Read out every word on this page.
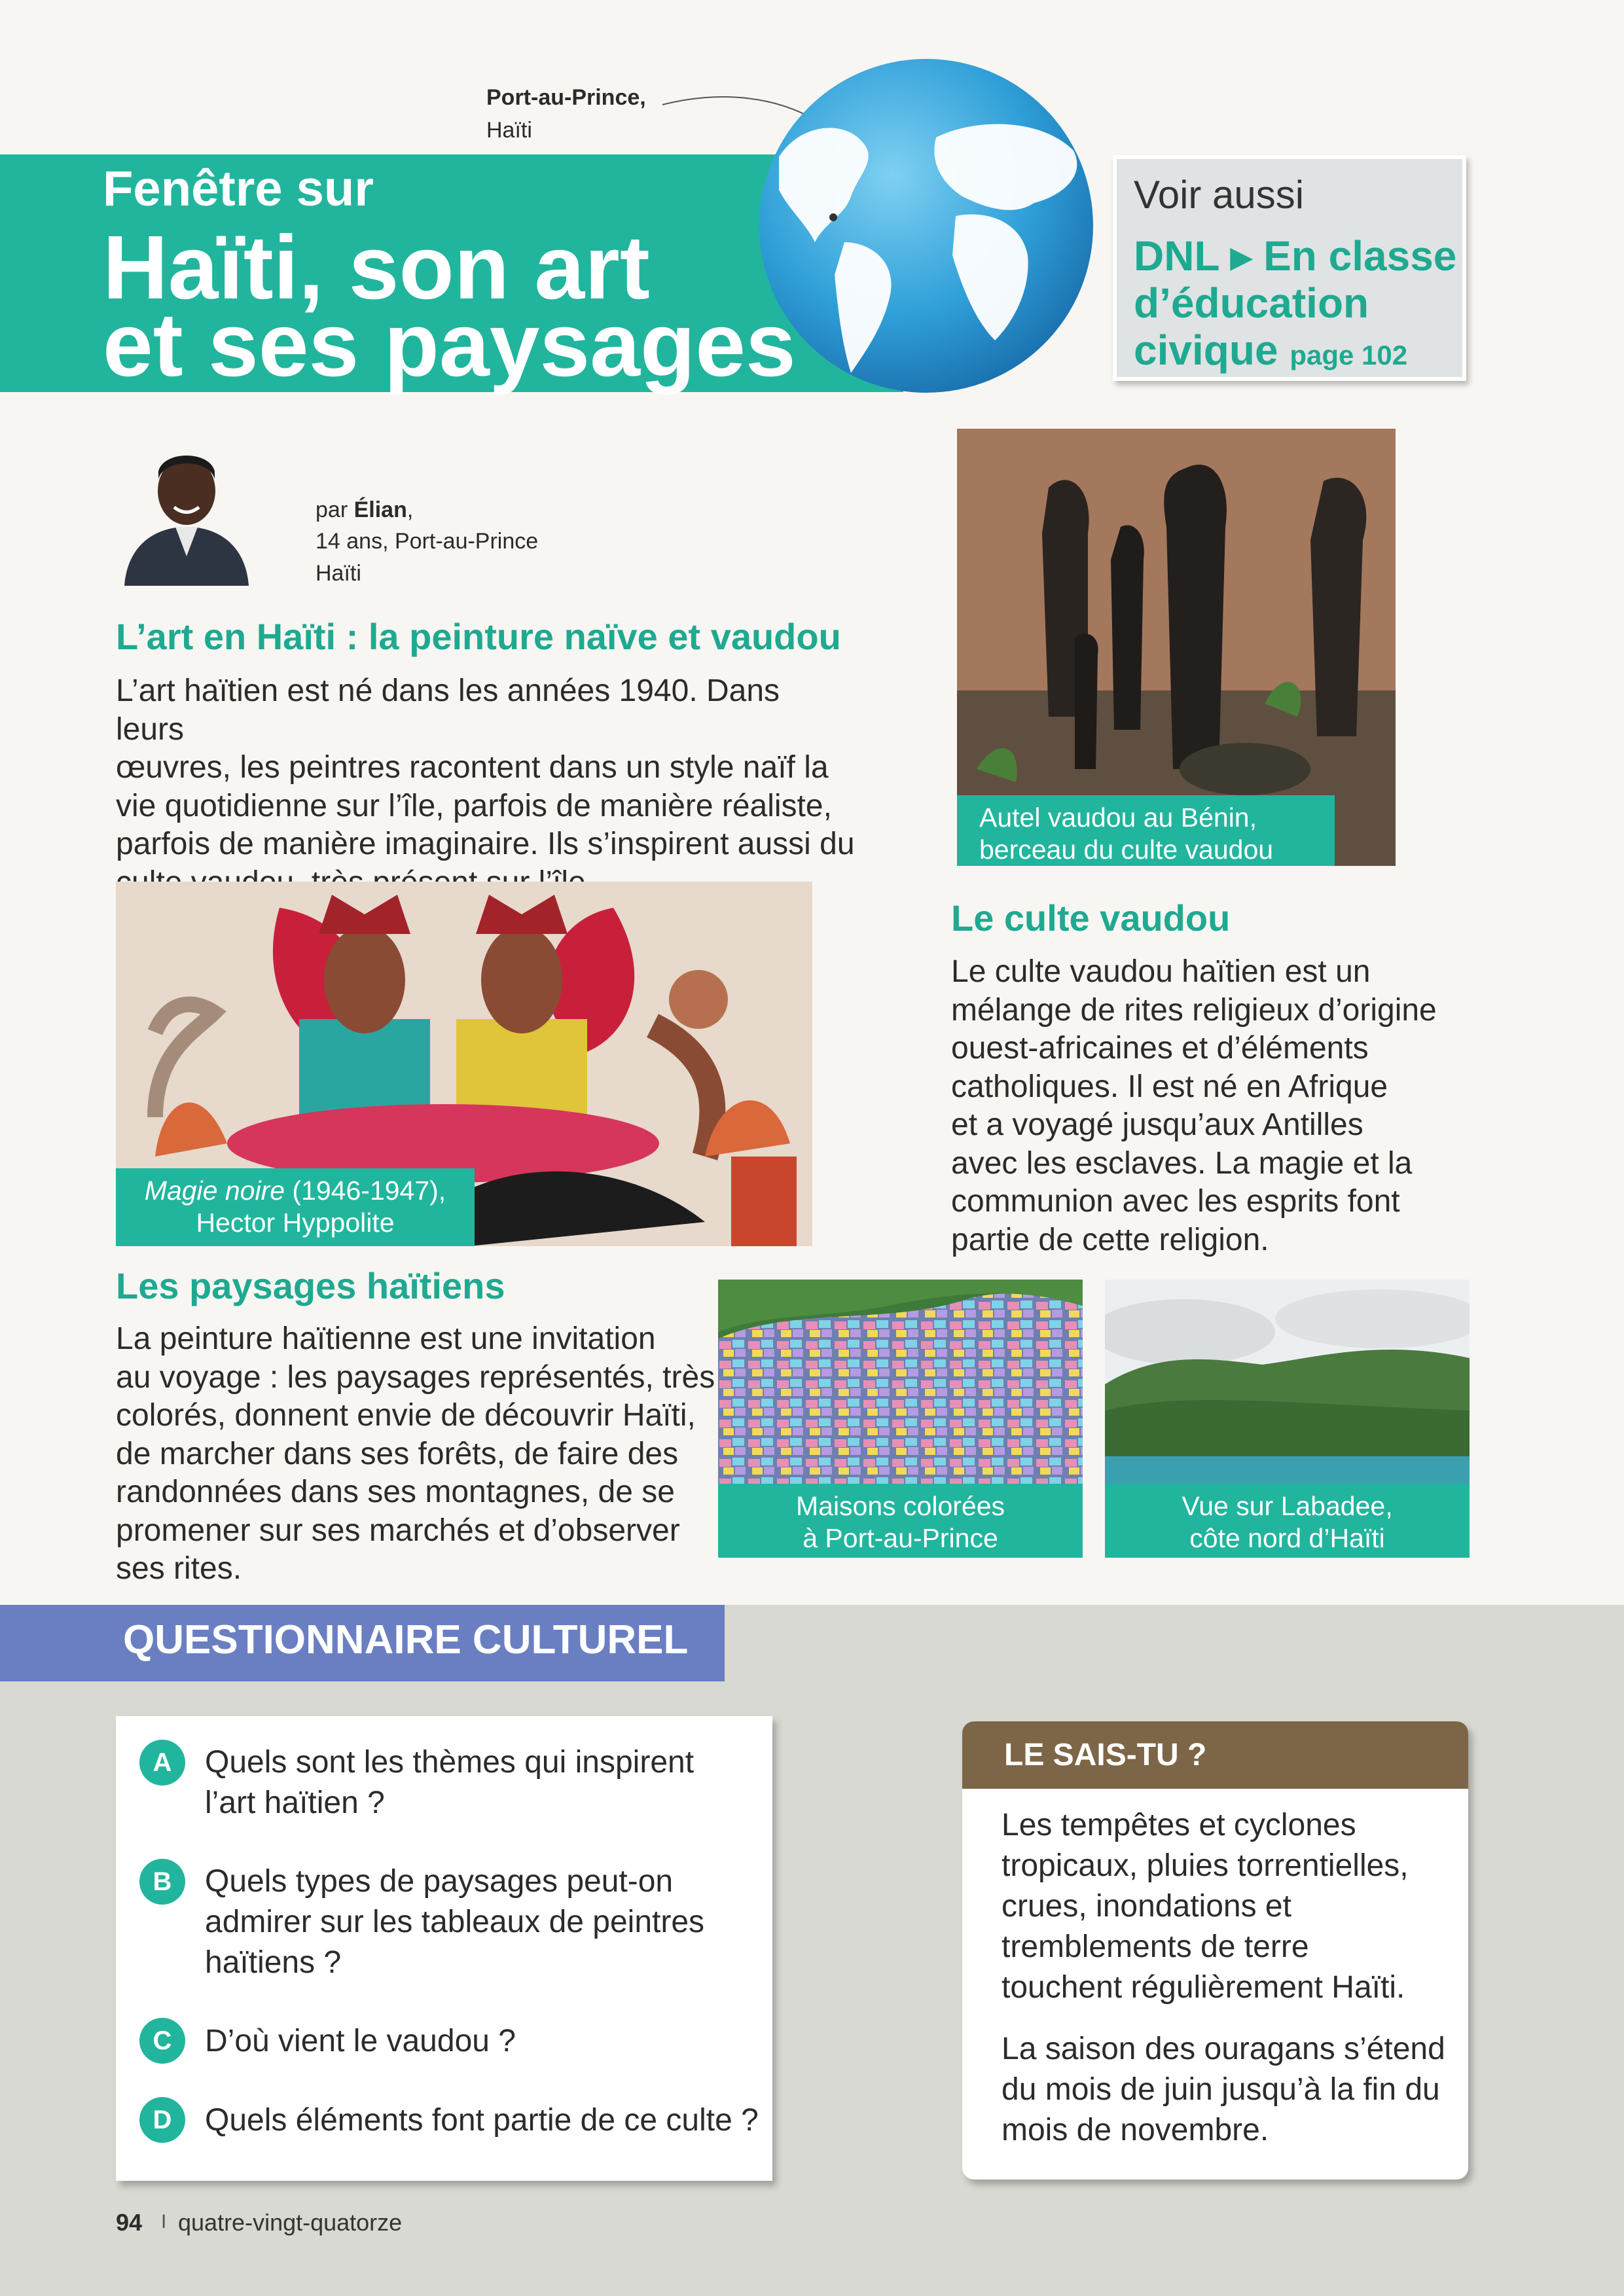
Fenêtre sur
Haïti, son art
et ses paysages
Port-au-Prince,
Haïti
Voir aussi
DNL ▸ En classe d’éducation civique page 102
par Élian,
14 ans, Port-au-Prince
Haïti
L’art en Haïti : la peinture naïve et vaudou
L’art haïtien est né dans les années 1940. Dans leurs
œuvres, les peintres racontent dans un style naïf la
vie quotidienne sur l’île, parfois de manière réaliste,
parfois de manière imaginaire. Ils s’inspirent aussi du
Magie noire (1946-1947),
Hector Hyppolite
Autel vaudou au Bénin,
berceau du culte vaudou
Le culte vaudou
Le culte vaudou haïtien est un
mélange de rites religieux d’origine
ouest-africaines et d’éléments
catholiques. Il est né en Afrique
et a voyagé jusqu’aux Antilles
avec les esclaves. La magie et la
communion avec les esprits font
partie de cette religion.
Les paysages haïtiens
La peinture haïtienne est une invitation
au voyage : les paysages représentés, très
colorés, donnent envie de découvrir Haïti,
de marcher dans ses forêts, de faire des
randonnées dans ses montagnes, de se
promener sur ses marchés et d’observer
ses rites.
Maisons colorées
à Port-au-Prince
Vue sur Labadee,
côte nord d’Haïti
QUESTIONNAIRE CULTUREL
A	Quels sont les thèmes qui inspirent
l’art haïtien ?
B	Quels types de paysages peut-on
admirer sur les tableaux de peintres
haïtiens ?
C	D’où vient le vaudou ?
D	Quels éléments font partie de ce culte ?
LE SAIS-TU ?
Les tempêtes et cyclones
tropicaux, pluies torrentielles,
crues, inondations et
tremblements de terre
touchent régulièrement Haïti.
La saison des ouragans s’étend
du mois de juin jusqu’à la fin du
mois de novembre.
94 I quatre-vingt-quatorze
